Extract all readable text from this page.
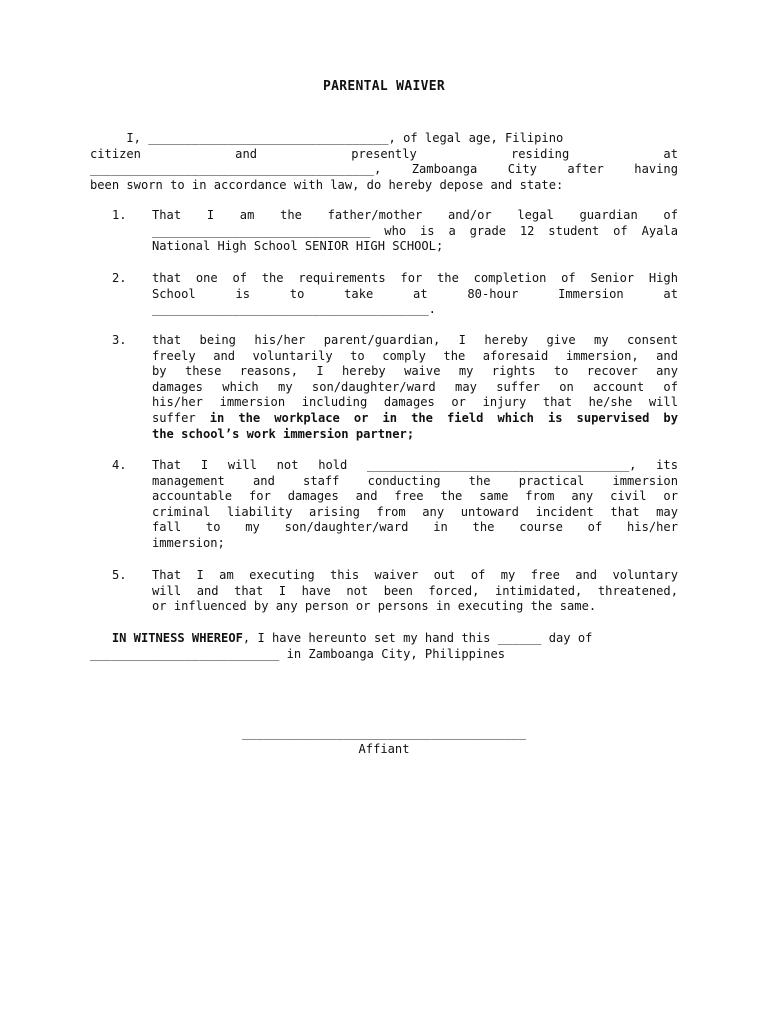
PARENTAL WAIVER
I, _________________________________, of legal age, Filipino
citizen and presently residing at
_______________________________________, Zamboanga City after having
been sworn to in accordance with law, do hereby depose and state:
1.	That I am the father/mother and/or legal guardian of
______________________________ who is a grade 12 student of Ayala
National High School SENIOR HIGH SCHOOL;
2.	that one of the requirements for the completion of Senior High
School is to take at 80-hour Immersion at
______________________________________.
3.	that being his/her parent/guardian, I hereby give my consent
freely and voluntarily to comply the aforesaid immersion, and
by these reasons, I hereby waive my rights to recover any
damages which my son/daughter/ward may suffer on account of
his/her immersion including damages or injury that he/she will
suffer in the workplace or in the field which is supervised by
the school’s work immersion partner;
4.	That I will not hold ____________________________________, its
management and staff conducting the practical immersion
accountable for damages and free the same from any civil or
criminal liability arising from any untoward incident that may
fall to my son/daughter/ward in the course of his/her
immersion;
5.	That I am executing this waiver out of my free and voluntary
will and that I have not been forced, intimidated, threatened,
or influenced by any person or persons in executing the same.
IN WITNESS WHEREOF, I have hereunto set my hand this ______ day of
__________________________ in Zamboanga City, Philippines
_______________________________________
Affiant
